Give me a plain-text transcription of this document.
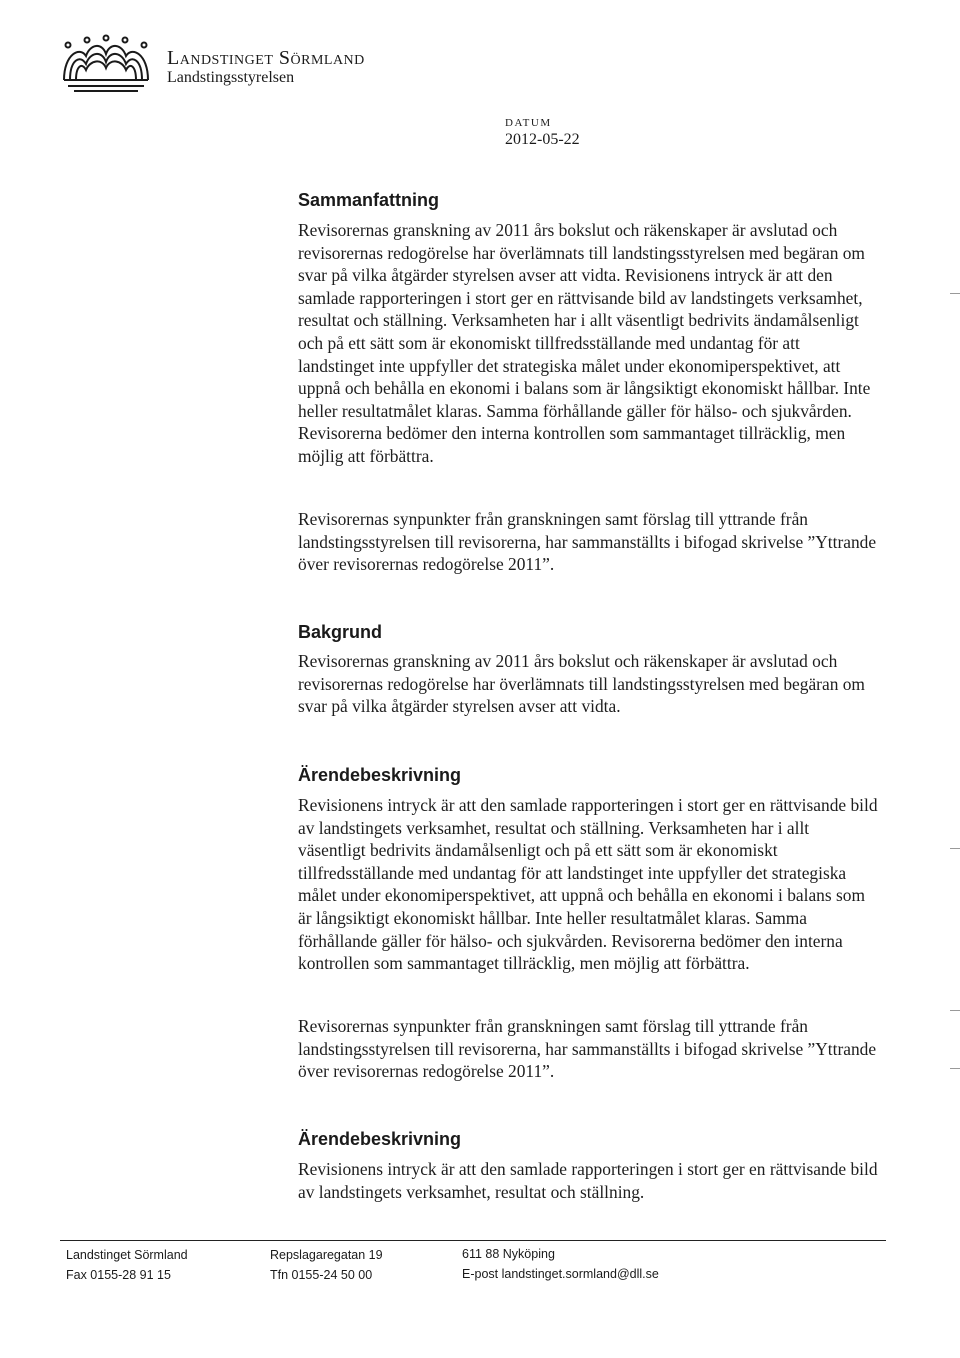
Landstinget Sörmland
Landstingsstyrelsen
DATUM
2012-05-22
Sammanfattning

Revisorernas granskning av 2011 års bokslut och räkenskaper är avslutad och revisorernas redogörelse har överlämnats till landstingsstyrelsen med begäran om svar på vilka åtgärder styrelsen avser att vidta. Revisionens intryck är att den samlade rapporteringen i stort ger en rättvisande bild av landstingets verksamhet, resultat och ställning. Verksamheten har i allt väsentligt bedrivits ändamålsenligt och på ett sätt som är ekonomiskt tillfredsställande med undantag för att landstinget inte uppfyller det strategiska målet under ekonomiperspektivet, att uppnå och behålla en ekonomi i balans som är långsiktigt ekonomiskt hållbar. Inte heller resultatmålet klaras. Samma förhållande gäller för hälso- och sjukvården. Revisorerna bedömer den interna kontrollen som sammantaget tillräcklig, men möjlig att förbättra.

Revisorernas synpunkter från granskningen samt förslag till yttrande från landstingsstyrelsen till revisorerna, har sammanställts i bifogad skrivelse ”Yttrande över revisorernas redogörelse 2011”.

Bakgrund

Revisorernas granskning av 2011 års bokslut och räkenskaper är avslutad och revisorernas redogörelse har överlämnats till landstingsstyrelsen med begäran om svar på vilka åtgärder styrelsen avser att vidta.

Ärendebeskrivning

Revisionens intryck är att den samlade rapporteringen i stort ger en rättvisande bild av landstingets verksamhet, resultat och ställning. Verksamheten har i allt väsentligt bedrivits ändamålsenligt och på ett sätt som är ekonomiskt tillfredsställande med undantag för att landstinget inte uppfyller det strategiska målet under ekonomiperspektivet, att uppnå och behålla en ekonomi i balans som är långsiktigt ekonomiskt hållbar. Inte heller resultatmålet klaras. Samma förhållande gäller för hälso- och sjukvården. Revisorerna bedömer den interna kontrollen som sammantaget tillräcklig, men möjlig att förbättra.

Revisorernas synpunkter från granskningen samt förslag till yttrande från landstingsstyrelsen till revisorerna, har sammanställts i bifogad skrivelse ”Yttrande över revisorernas redogörelse 2011”.

Ärendebeskrivning

Revisionens intryck är att den samlade rapporteringen i stort ger en rättvisande bild av landstingets verksamhet, resultat och ställning.

Landstinget Sörmland
Fax 0155-28 91 15
Repslagaregatan 19
Tfn 0155-24 50 00
611 88 Nyköping
E-post landstinget.sormland@dll.se
